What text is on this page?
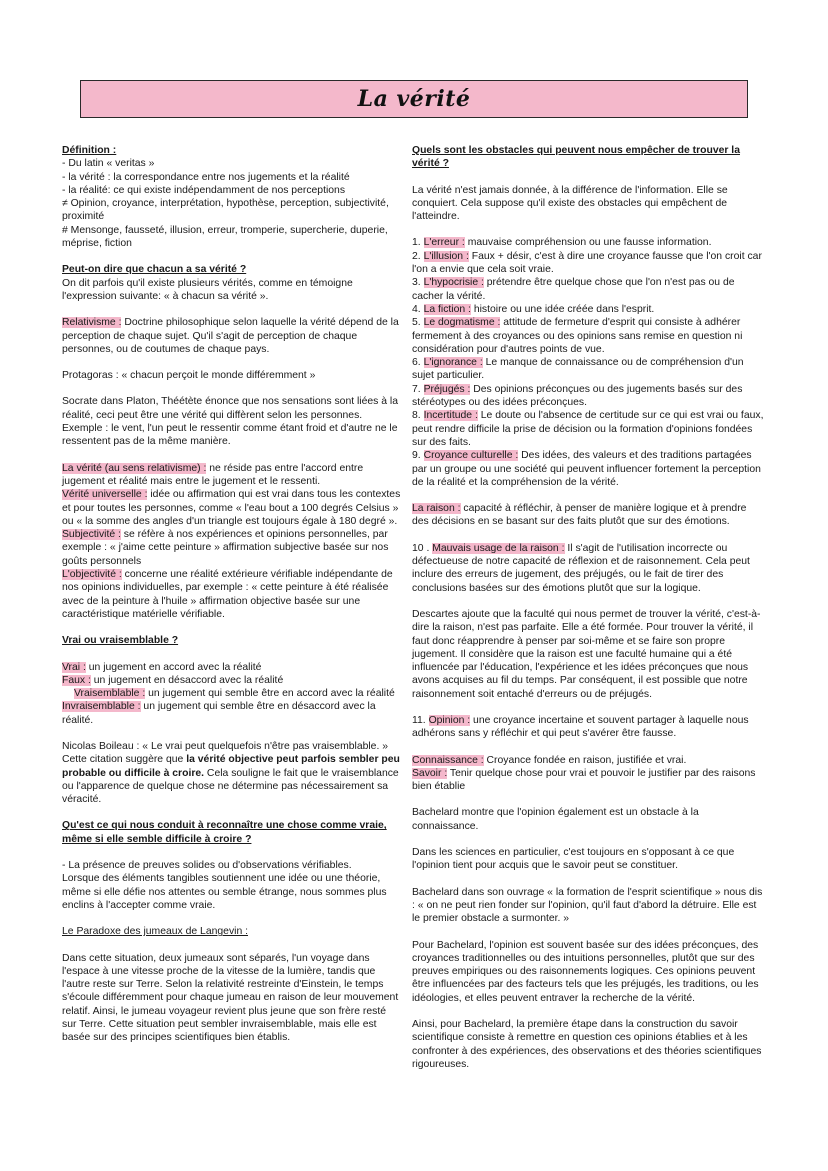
La vérité

Définition :
- Du latin « veritas »
- la vérité : la correspondance entre nos jugements et la réalité
- la réalité: ce qui existe indépendamment de nos perceptions
≠ Opinion, croyance, interprétation, hypothèse, perception, subjectivité, proximité
# Mensonge, fausseté, illusion, erreur, tromperie, supercherie, duperie, méprise, fiction

Peut-on dire que chacun a sa vérité ?
On dit parfois qu'il existe plusieurs vérités, comme en témoigne l'expression suivante: « à chacun sa vérité ».

Relativisme : Doctrine philosophique selon laquelle la vérité dépend de la perception de chaque sujet. Qu'il s'agit de perception de chaque personnes, ou de coutumes de chaque pays.

Protagoras : « chacun perçoit le monde différemment »

Socrate dans Platon, Théétète énonce que nos sensations sont liées à la réalité, ceci peut être une vérité qui diffèrent selon les personnes. Exemple : le vent, l'un peut le ressentir comme étant froid et d'autre ne le ressentent pas de la même manière.

La vérité (au sens relativisme) : ne réside pas entre l'accord entre jugement et réalité mais entre le jugement et le ressenti.
Vérité universelle : idée ou affirmation qui est vrai dans tous les contextes et pour toutes les personnes, comme « l'eau bout a 100 degrés Celsius » ou « la somme des angles d'un triangle est toujours égale à 180 degré ».
Subjectivité : se réfère à nos expériences et opinions personnelles, par exemple : « j'aime cette peinture » affirmation subjective basée sur nos goûts personnels
L'objectivité : concerne une réalité extérieure vérifiable indépendante de nos opinions individuelles, par exemple : « cette peinture à été réalisée avec de la peinture à l'huile » affirmation objective basée sur une caractéristique matérielle vérifiable.

Vrai ou vraisemblable ?

Vrai : un jugement en accord avec la réalité
Faux : un jugement en désaccord avec la réalité
Vraisemblable : un jugement qui semble être en accord avec la réalité
Invraisemblable : un jugement qui semble être en désaccord avec la réalité.

Nicolas Boileau : « Le vrai peut quelquefois n'être pas vraisemblable. »
Cette citation suggère que la vérité objective peut parfois sembler peu probable ou difficile à croire. Cela souligne le fait que le vraisemblance ou l'apparence de quelque chose ne détermine pas nécessairement sa véracité.

Qu'est ce qui nous conduit à reconnaître une chose comme vraie, même si elle semble difficile à croire ?

- La présence de preuves solides ou d'observations vérifiables.
Lorsque des éléments tangibles soutiennent une idée ou une théorie, même si elle défie nos attentes ou semble étrange, nous sommes plus enclins à l'accepter comme vraie.

Le Paradoxe des jumeaux de Langevin :

Dans cette situation, deux jumeaux sont séparés, l'un voyage dans l'espace à une vitesse proche de la vitesse de la lumière, tandis que l'autre reste sur Terre. Selon la relativité restreinte d'Einstein, le temps s'écoule différemment pour chaque jumeau en raison de leur mouvement relatif. Ainsi, le jumeau voyageur revient plus jeune que son frère resté sur Terre. Cette situation peut sembler invraisemblable, mais elle est basée sur des principes scientifiques bien établis.

Quels sont les obstacles qui peuvent nous empêcher de trouver la vérité ?

La vérité n'est jamais donnée, à la différence de l'information. Elle se conquiert. Cela suppose qu'il existe des obstacles qui empêchent de l'atteindre.

1. L'erreur : mauvaise compréhension ou une fausse information.
2. L'illusion : Faux + désir, c'est à dire une croyance fausse que l'on croit car l'on a envie que cela soit vraie.
3. L'hypocrisie : prétendre être quelque chose que l'on n'est pas ou de cacher la vérité.
4. La fiction : histoire ou une idée créée dans l'esprit.
5. Le dogmatisme : attitude de fermeture d'esprit qui consiste à adhérer fermement à des croyances ou des opinions sans remise en question ni considération pour d'autres points de vue.
6. L'ignorance : Le manque de connaissance ou de compréhension d'un sujet particulier.
7. Préjugés : Des opinions préconçues ou des jugements basés sur des stéréotypes ou des idées préconçues.
8. Incertitude : Le doute ou l'absence de certitude sur ce qui est vrai ou faux, peut rendre difficile la prise de décision ou la formation d'opinions fondées sur des faits.
9. Croyance culturelle : Des idées, des valeurs et des traditions partagées par un groupe ou une société qui peuvent influencer fortement la perception de la réalité et la compréhension de la vérité.

La raison : capacité à réfléchir, à penser de manière logique et à prendre des décisions en se basant sur des faits plutôt que sur des émotions.

10 . Mauvais usage de la raison : Il s'agit de l'utilisation incorrecte ou défectueuse de notre capacité de réflexion et de raisonnement. Cela peut inclure des erreurs de jugement, des préjugés, ou le fait de tirer des conclusions basées sur des émotions plutôt que sur la logique.

Descartes ajoute que la faculté qui nous permet de trouver la vérité, c'est-à-dire la raison, n'est pas parfaite. Elle a été formée. Pour trouver la vérité, il faut donc réapprendre à penser par soi-même et se faire son propre jugement. Il considère que la raison est une faculté humaine qui a été influencée par l'éducation, l'expérience et les idées préconçues que nous avons acquises au fil du temps. Par conséquent, il est possible que notre raisonnement soit entaché d'erreurs ou de préjugés.

11. Opinion : une croyance incertaine et souvent partager à laquelle nous adhérons sans y réfléchir et qui peut s'avérer être fausse.

Connaissance : Croyance fondée en raison, justifiée et vrai.
Savoir : Tenir quelque chose pour vrai et pouvoir le justifier par des raisons bien établie

Bachelard montre que l'opinion également est un obstacle à la connaissance.

Dans les sciences en particulier, c'est toujours en s'opposant à ce que l'opinion tient pour acquis que le savoir peut se constituer.

Bachelard dans son ouvrage « la formation de l'esprit scientifique » nous dis : « on ne peut rien fonder sur l'opinion, qu'il faut d'abord la détruire. Elle est le premier obstacle a surmonter. »

Pour Bachelard, l'opinion est souvent basée sur des idées préconçues, des croyances traditionnelles ou des intuitions personnelles, plutôt que sur des preuves empiriques ou des raisonnements logiques. Ces opinions peuvent être influencées par des facteurs tels que les préjugés, les traditions, ou les idéologies, et elles peuvent entraver la recherche de la vérité.

Ainsi, pour Bachelard, la première étape dans la construction du savoir scientifique consiste à remettre en question ces opinions établies et à les confronter à des expériences, des observations et des théories scientifiques rigoureuses.
